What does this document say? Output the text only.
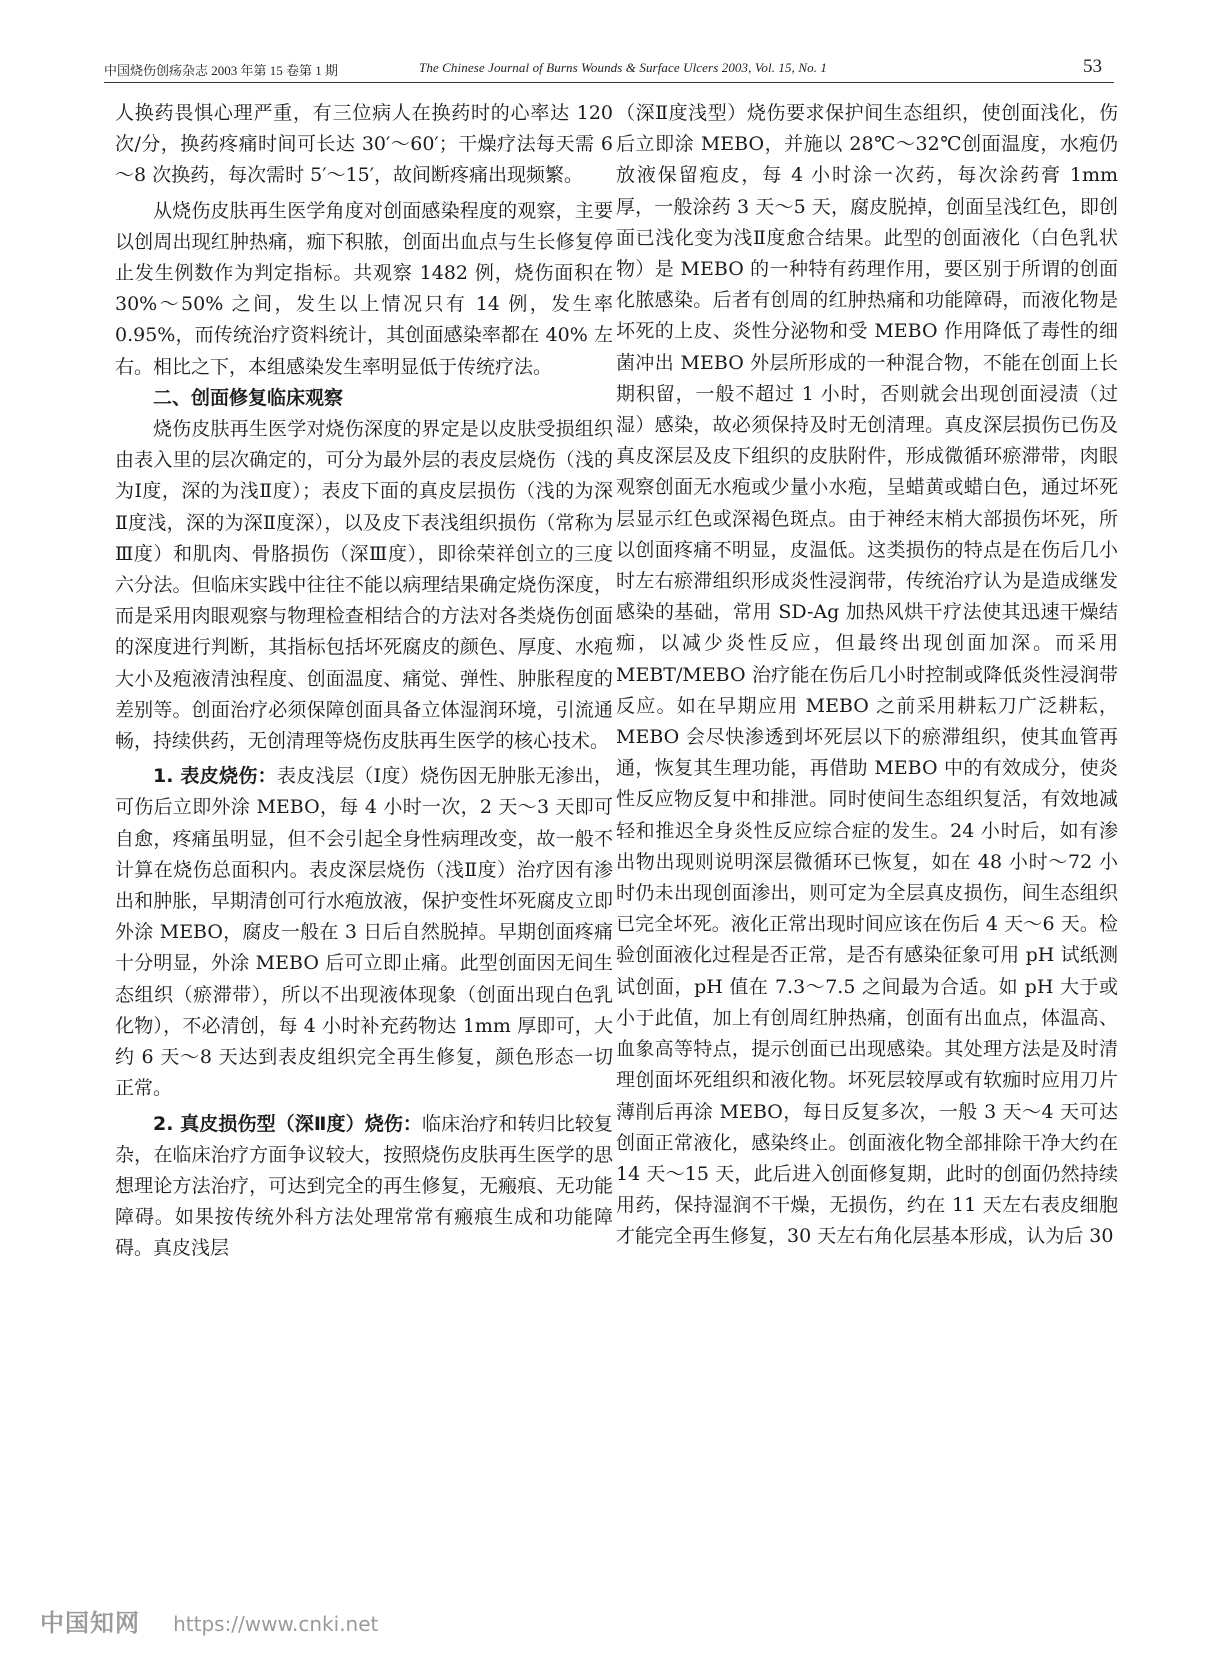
中国烧伤创疡杂志 2003 年第 15 卷第 1 期	The Chinese Journal of Burns Wounds & Surface Ulcers 2003, Vol. 15, No. 1	53

人换药畏惧心理严重，有三位病人在换药时的心率达 120 次/分，换药疼痛时间可长达 30′～60′；干燥疗法每天需 6～8 次换药，每次需时 5′～15′，故间断疼痛出现频繁。

从烧伤皮肤再生医学角度对创面感染程度的观察，主要以创周出现红肿热痛，痂下积脓，创面出血点与生长修复停止发生例数作为判定指标。共观察 1482 例，烧伤面积在 30%～50% 之间，发生以上情况只有 14 例，发生率 0.95%，而传统治疗资料统计，其创面感染率都在 40% 左右。相比之下，本组感染发生率明显低于传统疗法。

二、创面修复临床观察

烧伤皮肤再生医学对烧伤深度的界定是以皮肤受损组织由表入里的层次确定的，可分为最外层的表皮层烧伤（浅的为Ⅰ度，深的为浅Ⅱ度）；表皮下面的真皮层损伤（浅的为深Ⅱ度浅，深的为深Ⅱ度深），以及皮下表浅组织损伤（常称为Ⅲ度）和肌肉、骨胳损伤（深Ⅲ度），即徐荣祥创立的三度六分法。但临床实践中往往不能以病理结果确定烧伤深度，而是采用肉眼观察与物理检查相结合的方法对各类烧伤创面的深度进行判断，其指标包括坏死腐皮的颜色、厚度、水疱大小及疱液清浊程度、创面温度、痛觉、弹性、肿胀程度的差别等。创面治疗必须保障创面具备立体湿润环境，引流通畅，持续供药，无创清理等烧伤皮肤再生医学的核心技术。

1. 表皮烧伤：表皮浅层（Ⅰ度）烧伤因无肿胀无渗出，可伤后立即外涂 MEBO，每 4 小时一次，2 天～3 天即可自愈，疼痛虽明显，但不会引起全身性病理改变，故一般不计算在烧伤总面积内。表皮深层烧伤（浅Ⅱ度）治疗因有渗出和肿胀，早期清创可行水疱放液，保护变性坏死腐皮立即外涂 MEBO，腐皮一般在 3 日后自然脱掉。早期创面疼痛十分明显，外涂 MEBO 后可立即止痛。此型创面因无间生态组织（瘀滞带），所以不出现液体现象（创面出现白色乳化物），不必清创，每 4 小时补充药物达 1mm 厚即可，大约 6 天～8 天达到表皮组织完全再生修复，颜色形态一切正常。

2. 真皮损伤型（深Ⅱ度）烧伤：临床治疗和转归比较复杂，在临床治疗方面争议较大，按照烧伤皮肤再生医学的思想理论方法治疗，可达到完全的再生修复，无瘢痕、无功能障碍。如果按传统外科方法处理常常有瘢痕生成和功能障碍。真皮浅层

（深Ⅱ度浅型）烧伤要求保护间生态组织，使创面浅化，伤后立即涂 MEBO，并施以 28℃～32℃创面温度，水疱仍放液保留疱皮，每 4 小时涂一次药，每次涂药膏 1mm 厚，一般涂药 3 天～5 天，腐皮脱掉，创面呈浅红色，即创面已浅化变为浅Ⅱ度愈合结果。此型的创面液化（白色乳状物）是 MEBO 的一种特有药理作用，要区别于所谓的创面化脓感染。后者有创周的红肿热痛和功能障碍，而液化物是坏死的上皮、炎性分泌物和受 MEBO 作用降低了毒性的细菌冲出 MEBO 外层所形成的一种混合物，不能在创面上长期积留，一般不超过 1 小时，否则就会出现创面浸渍（过湿）感染，故必须保持及时无创清理。真皮深层损伤已伤及真皮深层及皮下组织的皮肤附件，形成微循环瘀滞带，肉眼观察创面无水疱或少量小水疱，呈蜡黄或蜡白色，通过坏死层显示红色或深褐色斑点。由于神经末梢大部损伤坏死，所以创面疼痛不明显，皮温低。这类损伤的特点是在伤后几小时左右瘀滞组织形成炎性浸润带，传统治疗认为是造成继发感染的基础，常用 SD-Ag 加热风烘干疗法使其迅速干燥结痂，以减少炎性反应，但最终出现创面加深。而采用 MEBT/MEBO 治疗能在伤后几小时控制或降低炎性浸润带反应。如在早期应用 MEBO 之前采用耕耘刀广泛耕耘，MEBO 会尽快渗透到坏死层以下的瘀滞组织，使其血管再通，恢复其生理功能，再借助 MEBO 中的有效成分，使炎性反应物反复中和排泄。同时使间生态组织复活，有效地减轻和推迟全身炎性反应综合症的发生。24 小时后，如有渗出物出现则说明深层微循环已恢复，如在 48 小时～72 小时仍未出现创面渗出，则可定为全层真皮损伤，间生态组织已完全坏死。液化正常出现时间应该在伤后 4 天～6 天。检验创面液化过程是否正常，是否有感染征象可用 pH 试纸测试创面，pH 值在 7.3～7.5 之间最为合适。如 pH 大于或小于此值，加上有创周红肿热痛，创面有出血点，体温高、血象高等特点，提示创面已出现感染。其处理方法是及时清理创面坏死组织和液化物。坏死层较厚或有软痂时应用刀片薄削后再涂 MEBO，每日反复多次，一般 3 天～4 天可达创面正常液化，感染终止。创面液化物全部排除干净大约在 14 天～15 天，此后进入创面修复期，此时的创面仍然持续用药，保持湿润不干燥，无损伤，约在 11 天左右表皮细胞才能完全再生修复，30 天左右角化层基本形成，认为后 30

中国知网 https://www.cnki.net
